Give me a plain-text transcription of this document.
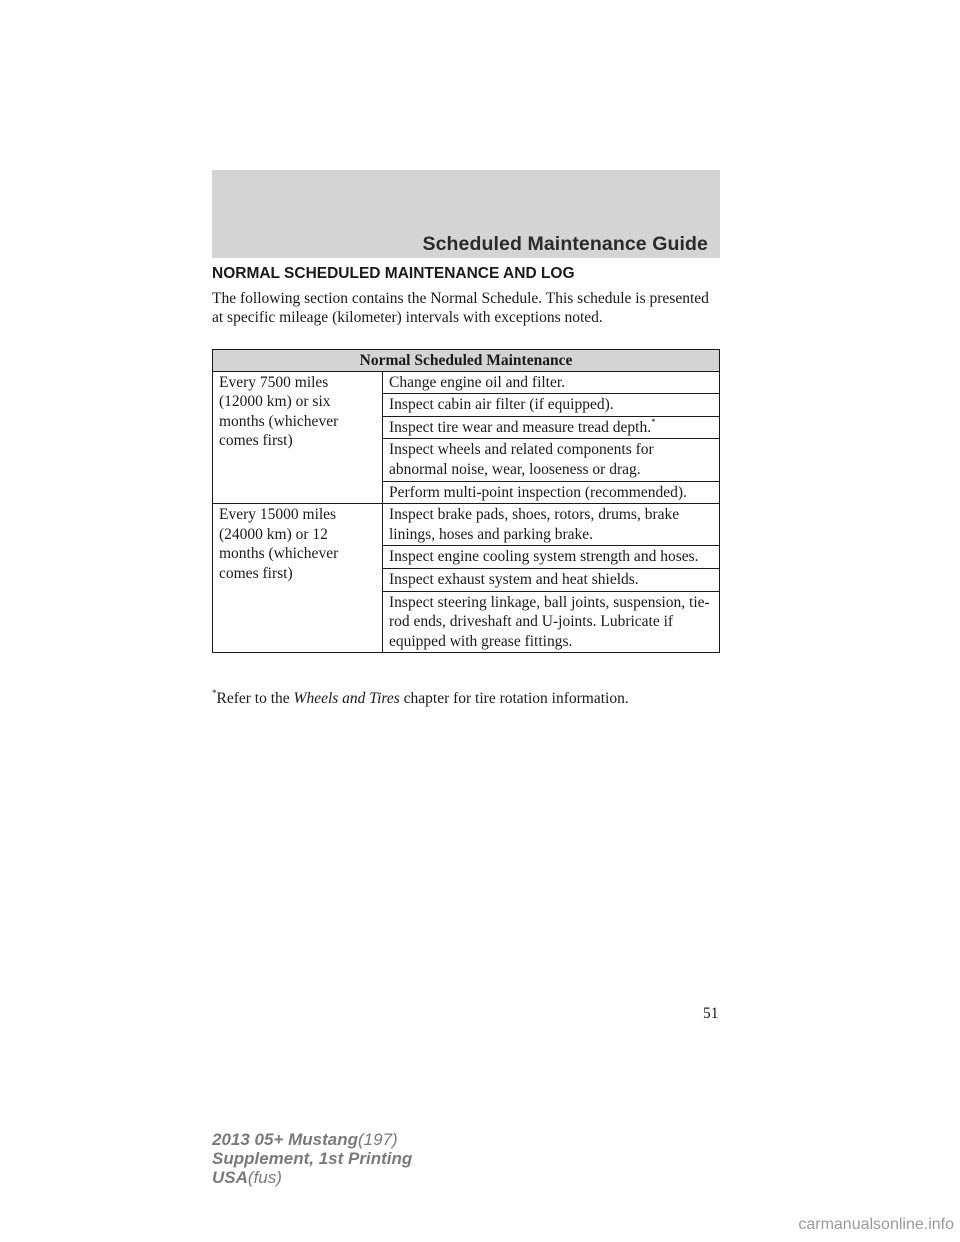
Scheduled Maintenance Guide
NORMAL SCHEDULED MAINTENANCE AND LOG
The following section contains the Normal Schedule. This schedule is presented at specific mileage (kilometer) intervals with exceptions noted.
Normal Scheduled Maintenance	
Every 7500 miles (12000 km) or six months (whichever comes first)	Change engine oil and filter.
	Inspect cabin air filter (if equipped).
	Inspect tire wear and measure tread depth.*
	Inspect wheels and related components for abnormal noise, wear, looseness or drag.
	Perform multi-point inspection (recommended).
Every 15000 miles (24000 km) or 12 months (whichever comes first)	Inspect brake pads, shoes, rotors, drums, brake linings, hoses and parking brake.
	Inspect engine cooling system strength and hoses.
	Inspect exhaust system and heat shields.
	Inspect steering linkage, ball joints, suspension, tie-rod ends, driveshaft and U-joints. Lubricate if equipped with grease fittings.
*Refer to the Wheels and Tires chapter for tire rotation information.
51
2013 05+ Mustang(197)
Supplement, 1st Printing
USA(fus)
carmanualsonline.info
